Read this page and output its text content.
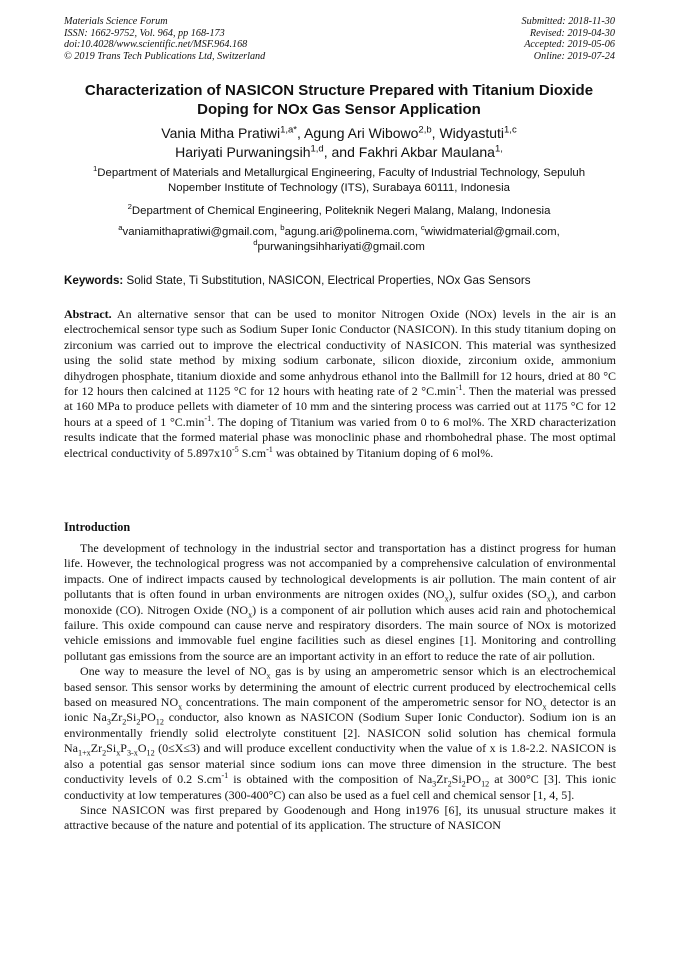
Materials Science Forum
ISSN: 1662-9752, Vol. 964, pp 168-173
doi:10.4028/www.scientific.net/MSF.964.168
© 2019 Trans Tech Publications Ltd, Switzerland
Submitted: 2018-11-30
Revised: 2019-04-30
Accepted: 2019-05-06
Online: 2019-07-24
Characterization of NASICON Structure Prepared with Titanium Dioxide
Doping for NOx Gas Sensor Application
Vania Mitha Pratiwi$^{1,a*}$, Agung Ari Wibowo$^{2,b}$, Widyastuti$^{1,c}$
Hariyati Purwaningsih$^{1,d}$, and Fakhri Akbar Maulana$^{1,}$
$^1$Department of Materials and Metallurgical Engineering, Faculty of Industrial Technology, Sepuluh
Nopember Institute of Technology (ITS), Surabaya 60111, Indonesia
$^2$Department of Chemical Engineering, Politeknik Negeri Malang, Malang, Indonesia
$^a$vaniamithapratiwi@gmail.com, $^b$agung.ari@polinema.com, $^c$wiwidmaterial@gmail.com,
$^d$purwaningsihhariyati@gmail.com
Keywords: Solid State, Ti Substitution, NASICON, Electrical Properties, NOx Gas Sensors
Abstract. An alternative sensor that can be used to monitor Nitrogen Oxide (NOx) levels in the air is an electrochemical sensor type such as Sodium Super Ionic Conductor (NASICON). In this study titanium doping on zirconium was carried out to improve the electrical conductivity of NASICON. This material was synthesized using the solid state method by mixing sodium carbonate, silicon dioxide, zirconium oxide, ammonium dihydrogen phosphate, titanium dioxide and some anhydrous ethanol into the Ballmill for 12 hours, dried at 80 °C for 12 hours then calcined at 1125 °C for 12 hours with heating rate of 2 $^\circ C.\min^{-1}$. Then the material was pressed at 160 MPa to produce pellets with diameter of 10 mm and the sintering process was carried out at 1175 °C for 12 hours at a speed of 1 $^\circ C.\min^{-1}$. The doping of Titanium was varied from 0 to 6 mol%. The XRD characterization results indicate that the formed material phase was monoclinic phase and rhombohedral phase. The most optimal electrical conductivity of $5.897x10^{-5}$ $S.cm^{-1}$ was obtained by Titanium doping of 6 mol%.
Introduction

The development of technology in the industrial sector and transportation has a distinct progress for human life. However, the technological progress was not accompanied by a comprehensive calculation of environmental impacts. One of indirect impacts caused by technological developments is air pollution. The main content of air pollutants that is often found in urban environments are nitrogen oxides $(NO_x)$, sulfur oxides $(SO_x)$, and carbon monoxide (CO). Nitrogen Oxide $(NO_x)$ is a component of air pollution which auses acid rain and photochemical failure. This oxide compound can cause nerve and respiratory disorders. The main source of NOx is motorized vehicle emissions and immovable fuel engine facilities such as diesel engines [1]. Monitoring and controlling pollutant gas emissions from the source are an important activity in an effort to reduce the rate of air pollution.

One way to measure the level of $NO_x$ gas is by using an amperometric sensor which is an electrochemical based sensor. This sensor works by determining the amount of electric current produced by electrochemical cells based on measured $NO_x$ concentrations. The main component of the amperometric sensor for $NO_x$ detector is an ionic $Na_3Zr_2Si_2PO_{12}$ conductor, also known as NASICON (Sodium Super Ionic Conductor). Sodium ion is an environmentally friendly solid electrolyte constituent [2]. NASICON solid solution has chemical formula $Na_{1+x}Zr_2Si_xP_{3-x}O_{12}$ (0≤X≤3) and will produce excellent conductivity when the value of x is 1.8-2.2. NASICON is also a potential gas sensor material since sodium ions can move three dimension in the structure. The best conductivity levels of 0.2 $S.cm^{-1}$ is obtained with the composition of $Na_3Zr_2Si_2PO_{12}$ at 300°C [3]. This ionic conductivity at low temperatures (300-400°C) can also be used as a fuel cell and chemical sensor [1, 4, 5].

Since NASICON was first prepared by Goodenough and Hong in1976 [6], its unusual structure makes it attractive because of the nature and potential of its application. The structure of NASICON
